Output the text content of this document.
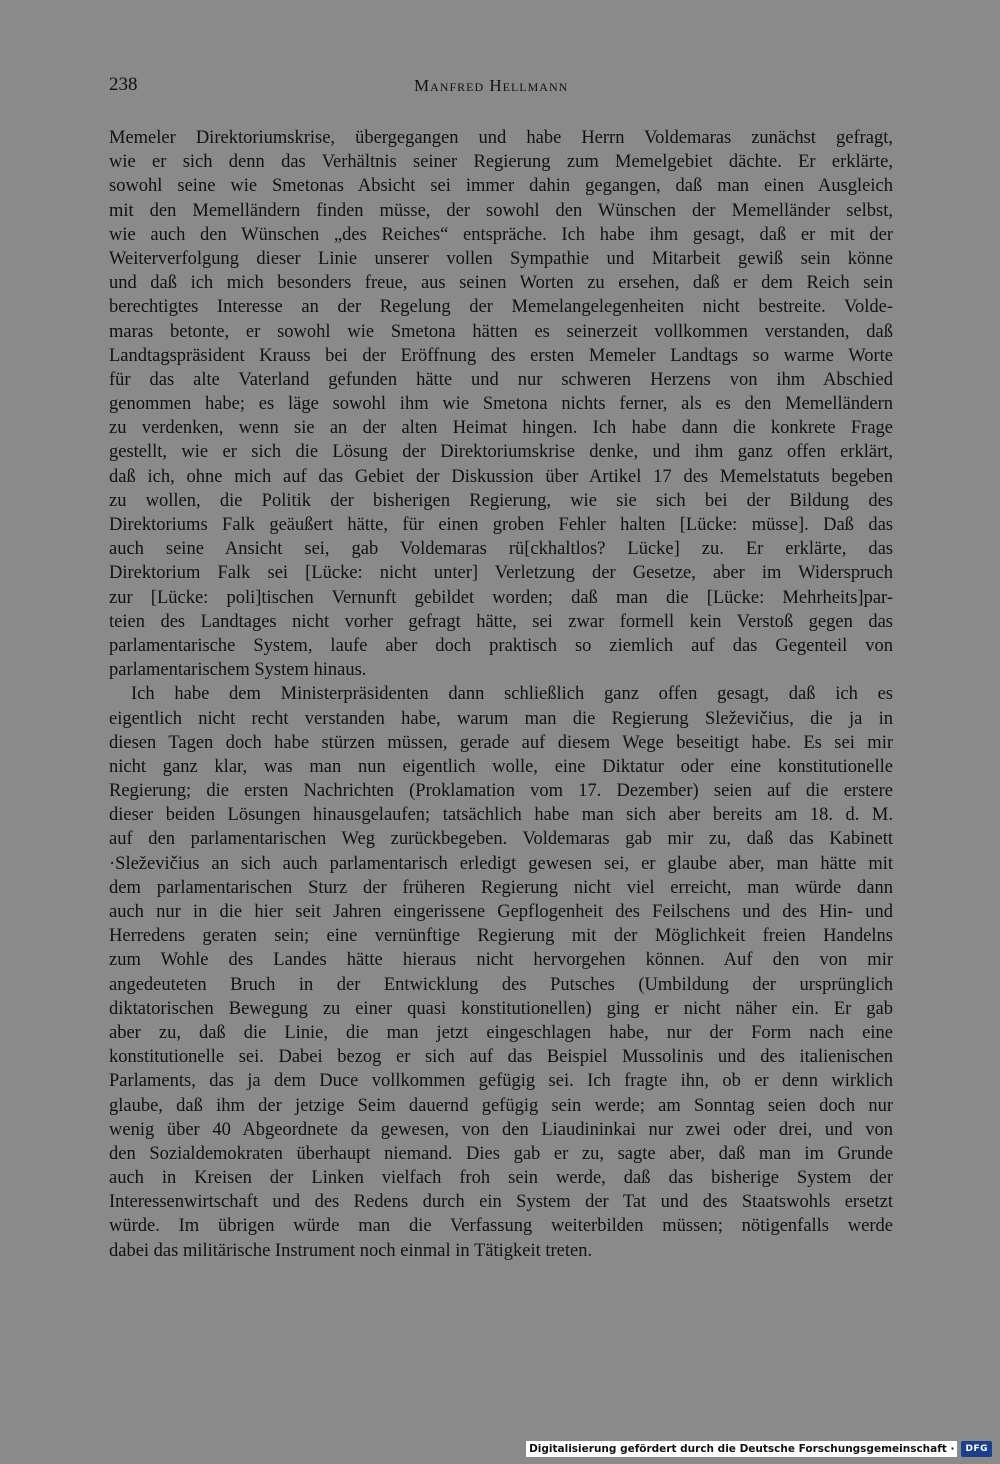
238	Manfred Hellmann
Memeler Direktoriumskrise, übergegangen und habe Herrn Voldemaras zunächst gefragt,
wie er sich denn das Verhältnis seiner Regierung zum Memelgebiet dächte. Er erklärte,
sowohl seine wie Smetonas Absicht sei immer dahin gegangen, daß man einen Ausgleich
mit den Memelländern finden müsse, der sowohl den Wünschen der Memelländer selbst,
wie auch den Wünschen „des Reiches“ entspräche. Ich habe ihm gesagt, daß er mit der
Weiterverfolgung dieser Linie unserer vollen Sympathie und Mitarbeit gewiß sein könne
und daß ich mich besonders freue, aus seinen Worten zu ersehen, daß er dem Reich sein
berechtigtes Interesse an der Regelung der Memelangelegenheiten nicht bestreite. Volde-
maras betonte, er sowohl wie Smetona hätten es seinerzeit vollkommen verstanden, daß
Landtagspräsident Krauss bei der Eröffnung des ersten Memeler Landtags so warme Worte
für das alte Vaterland gefunden hätte und nur schweren Herzens von ihm Abschied
genommen habe; es läge sowohl ihm wie Smetona nichts ferner, als es den Memelländern
zu verdenken, wenn sie an der alten Heimat hingen. Ich habe dann die konkrete Frage
gestellt, wie er sich die Lösung der Direktoriumskrise denke, und ihm ganz offen erklärt,
daß ich, ohne mich auf das Gebiet der Diskussion über Artikel 17 des Memelstatuts begeben
zu wollen, die Politik der bisherigen Regierung, wie sie sich bei der Bildung des
Direktoriums Falk geäußert hätte, für einen groben Fehler halten [Lücke: müsse]. Daß das
auch seine Ansicht sei, gab Voldemaras rü[ckhaltlos? Lücke] zu. Er erklärte, das
Direktorium Falk sei [Lücke: nicht unter] Verletzung der Gesetze, aber im Widerspruch
zur [Lücke: poli]tischen Vernunft gebildet worden; daß man die [Lücke: Mehrheits]par-
teien des Landtages nicht vorher gefragt hätte, sei zwar formell kein Verstoß gegen das
parlamentarische System, laufe aber doch praktisch so ziemlich auf das Gegenteil von
parlamentarischem System hinaus.
Ich habe dem Ministerpräsidenten dann schließlich ganz offen gesagt, daß ich es
eigentlich nicht recht verstanden habe, warum man die Regierung Sleževičius, die ja in
diesen Tagen doch habe stürzen müssen, gerade auf diesem Wege beseitigt habe. Es sei mir
nicht ganz klar, was man nun eigentlich wolle, eine Diktatur oder eine konstitutionelle
Regierung; die ersten Nachrichten (Proklamation vom 17. Dezember) seien auf die erstere
dieser beiden Lösungen hinausgelaufen; tatsächlich habe man sich aber bereits am 18. d. M.
auf den parlamentarischen Weg zurückbegeben. Voldemaras gab mir zu, daß das Kabinett
·Sleževičius an sich auch parlamentarisch erledigt gewesen sei, er glaube aber, man hätte mit
dem parlamentarischen Sturz der früheren Regierung nicht viel erreicht, man würde dann
auch nur in die hier seit Jahren eingerissene Gepflogenheit des Feilschens und des Hin- und
Herredens geraten sein; eine vernünftige Regierung mit der Möglichkeit freien Handelns
zum Wohle des Landes hätte hieraus nicht hervorgehen können. Auf den von mir
angedeuteten Bruch in der Entwicklung des Putsches (Umbildung der ursprünglich
diktatorischen Bewegung zu einer quasi konstitutionellen) ging er nicht näher ein. Er gab
aber zu, daß die Linie, die man jetzt eingeschlagen habe, nur der Form nach eine
konstitutionelle sei. Dabei bezog er sich auf das Beispiel Mussolinis und des italienischen
Parlaments, das ja dem Duce vollkommen gefügig sei. Ich fragte ihn, ob er denn wirklich
glaube, daß ihm der jetzige Seim dauernd gefügig sein werde; am Sonntag seien doch nur
wenig über 40 Abgeordnete da gewesen, von den Liaudininkai nur zwei oder drei, und von
den Sozialdemokraten überhaupt niemand. Dies gab er zu, sagte aber, daß man im Grunde
auch in Kreisen der Linken vielfach froh sein werde, daß das bisherige System der
Interessenwirtschaft und des Redens durch ein System der Tat und des Staatswohls ersetzt
würde. Im übrigen würde man die Verfassung weiterbilden müssen; nötigenfalls werde
dabei das militärische Instrument noch einmal in Tätigkeit treten.
Digitalisierung gefördert durch die Deutsche Forschungsgemeinschaft ·	DFG
